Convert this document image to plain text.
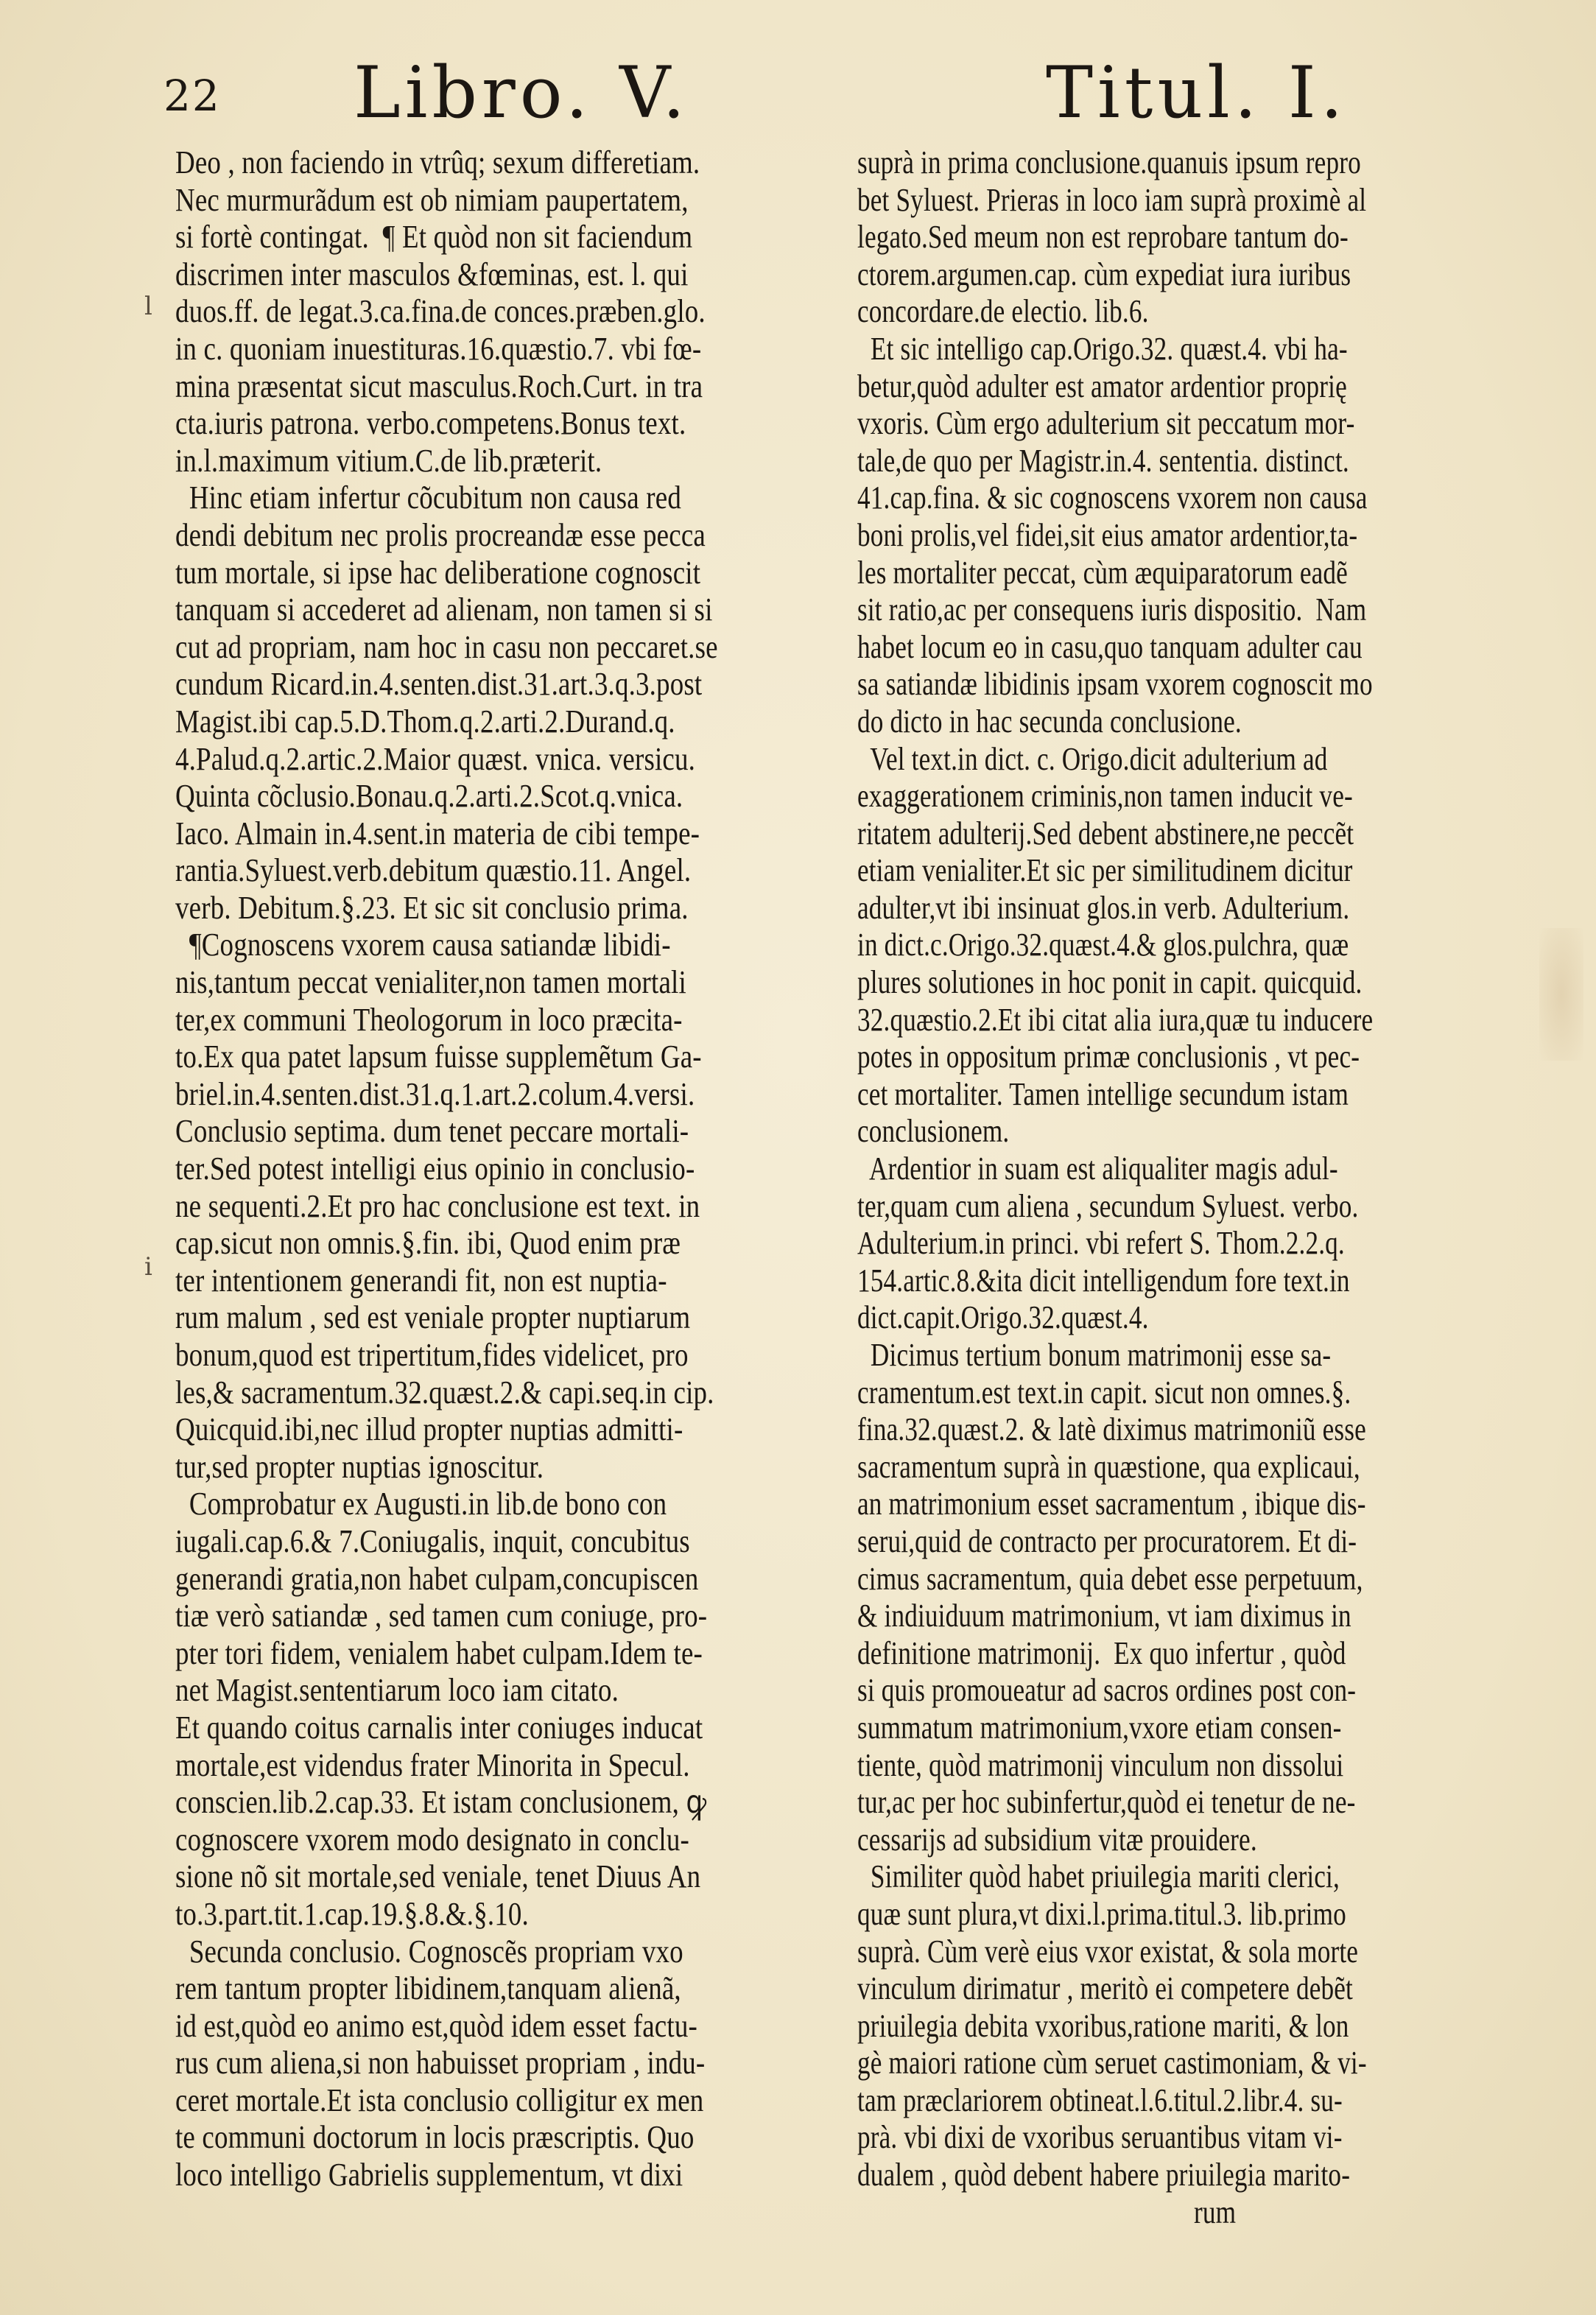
22 Libro. V.	Titul. I.
l
i
Deo , non faciendo in vtrûq; sexum differetiam.
Nec murmurãdum est ob nimiam paupertatem,
si fortè contingat.  ¶ Et quòd non sit faciendum
discrimen inter masculos &fœminas, est. l. qui
duos.ff. de legat.3.ca.fina.de conces.præben.glo.
in c. quoniam inuestituras.16.quæstio.7. vbi fœ-
mina præsentat sicut masculus.Roch.Curt. in tra
cta.iuris patrona. verbo.competens.Bonus text.
in.l.maximum vitium.C.de lib.præterit.
Hinc etiam infertur cõcubitum non causa red
dendi debitum nec prolis procreandæ esse pecca
tum mortale, si ipse hac deliberatione cognoscit
tanquam si accederet ad alienam, non tamen si si
cut ad propriam, nam hoc in casu non peccaret.se
cundum Ricard.in.4.senten.dist.31.art.3.q.3.post
Magist.ibi cap.5.D.Thom.q.2.arti.2.Durand.q.
4.Palud.q.2.artic.2.Maior quæst. vnica. versicu.
Quinta cõclusio.Bonau.q.2.arti.2.Scot.q.vnica.
Iaco. Almain in.4.sent.in materia de cibi tempe-
rantia.Syluest.verb.debitum quæstio.11. Angel.
verb. Debitum.§.23. Et sic sit conclusio prima.
¶Cognoscens vxorem causa satiandæ libidi-
nis,tantum peccat venialiter,non tamen mortali
ter,ex communi Theologorum in loco præcita-
to.Ex qua patet lapsum fuisse supplemẽtum Ga-
briel.in.4.senten.dist.31.q.1.art.2.colum.4.versi.
Conclusio septima. dum tenet peccare mortali-
ter.Sed potest intelligi eius opinio in conclusio-
ne sequenti.2.Et pro hac conclusione est text. in
cap.sicut non omnis.§.fin. ibi, Quod enim præ
ter intentionem generandi fit, non est nuptia-
rum malum , sed est veniale propter nuptiarum
bonum,quod est tripertitum,fides videlicet, pro
les,& sacramentum.32.quæst.2.& capi.seq.in cip.
Quicquid.ibi,nec illud propter nuptias admitti-
tur,sed propter nuptias ignoscitur.
Comprobatur ex Augusti.in lib.de bono con
iugali.cap.6.& 7.Coniugalis, inquit, concubitus
generandi gratia,non habet culpam,concupiscen
tiæ verò satiandæ , sed tamen cum coniuge, pro-
pter tori fidem, venialem habet culpam.Idem te-
net Magist.sententiarum loco iam citato.
Et quando coitus carnalis inter coniuges inducat
mortale,est videndus frater Minorita in Specul.
conscien.lib.2.cap.33. Et istam conclusionem, ꝙ
cognoscere vxorem modo designato in conclu-
sione nõ sit mortale,sed veniale, tenet Diuus An
to.3.part.tit.1.cap.19.§.8.&.§.10.
Secunda conclusio. Cognoscẽs propriam vxo
rem tantum propter libidinem,tanquam alienã,
id est,quòd eo animo est,quòd idem esset factu-
rus cum aliena,si non habuisset propriam , indu-
ceret mortale.Et ista conclusio colligitur ex men
te communi doctorum in locis præscriptis. Quo
loco intelligo Gabrielis supplementum, vt dixi
suprà in prima conclusione.quanuis ipsum repro
bet Syluest. Prieras in loco iam suprà proximè al
legato.Sed meum non est reprobare tantum do-
ctorem.argumen.cap. cùm expediat iura iuribus
concordare.de electio. lib.6.
Et sic intelligo cap.Origo.32. quæst.4. vbi ha-
betur,quòd adulter est amator ardentior proprię
vxoris. Cùm ergo adulterium sit peccatum mor-
tale,de quo per Magistr.in.4. sententia. distinct.
41.cap.fina. & sic cognoscens vxorem non causa
boni prolis,vel fidei,sit eius amator ardentior,ta-
les mortaliter peccat, cùm æquiparatorum eadẽ
sit ratio,ac per consequens iuris dispositio.  Nam
habet locum eo in casu,quo tanquam adulter cau
sa satiandæ libidinis ipsam vxorem cognoscit mo
do dicto in hac secunda conclusione.
Vel text.in dict. c. Origo.dicit adulterium ad
exaggerationem criminis,non tamen inducit ve-
ritatem adulterij.Sed debent abstinere,ne peccẽt
etiam venialiter.Et sic per similitudinem dicitur
adulter,vt ibi insinuat glos.in verb. Adulterium.
in dict.c.Origo.32.quæst.4.& glos.pulchra, quæ
plures solutiones in hoc ponit in capit. quicquid.
32.quæstio.2.Et ibi citat alia iura,quæ tu inducere
potes in oppositum primæ conclusionis , vt pec-
cet mortaliter. Tamen intellige secundum istam
conclusionem.
Ardentior in suam est aliqualiter magis adul-
ter,quam cum aliena , secundum Syluest. verbo.
Adulterium.in princi. vbi refert S. Thom.2.2.q.
154.artic.8.&ita dicit intelligendum fore text.in
dict.capit.Origo.32.quæst.4.
Dicimus tertium bonum matrimonij esse sa-
cramentum.est text.in capit. sicut non omnes.§.
fina.32.quæst.2. & latè diximus matrimoniũ esse
sacramentum suprà in quæstione, qua explicaui,
an matrimonium esset sacramentum , ibique dis-
serui,quid de contracto per procuratorem. Et di-
cimus sacramentum, quia debet esse perpetuum,
& indiuiduum matrimonium, vt iam diximus in
definitione matrimonij.  Ex quo infertur , quòd
si quis promoueatur ad sacros ordines post con-
summatum matrimonium,vxore etiam consen-
tiente, quòd matrimonij vinculum non dissolui
tur,ac per hoc subinfertur,quòd ei tenetur de ne-
cessarijs ad subsidium vitæ prouidere.
Similiter quòd habet priuilegia mariti clerici,
quæ sunt plura,vt dixi.l.prima.titul.3. lib.primo
suprà. Cùm verè eius vxor existat, & sola morte
vinculum dirimatur , meritò ei competere debẽt
priuilegia debita vxoribus,ratione mariti, & lon
gè maiori ratione cùm seruet castimoniam, & vi-
tam præclariorem obtineat.l.6.titul.2.libr.4. su-
prà. vbi dixi de vxoribus seruantibus vitam vi-
dualem , quòd debent habere priuilegia marito-
rum
